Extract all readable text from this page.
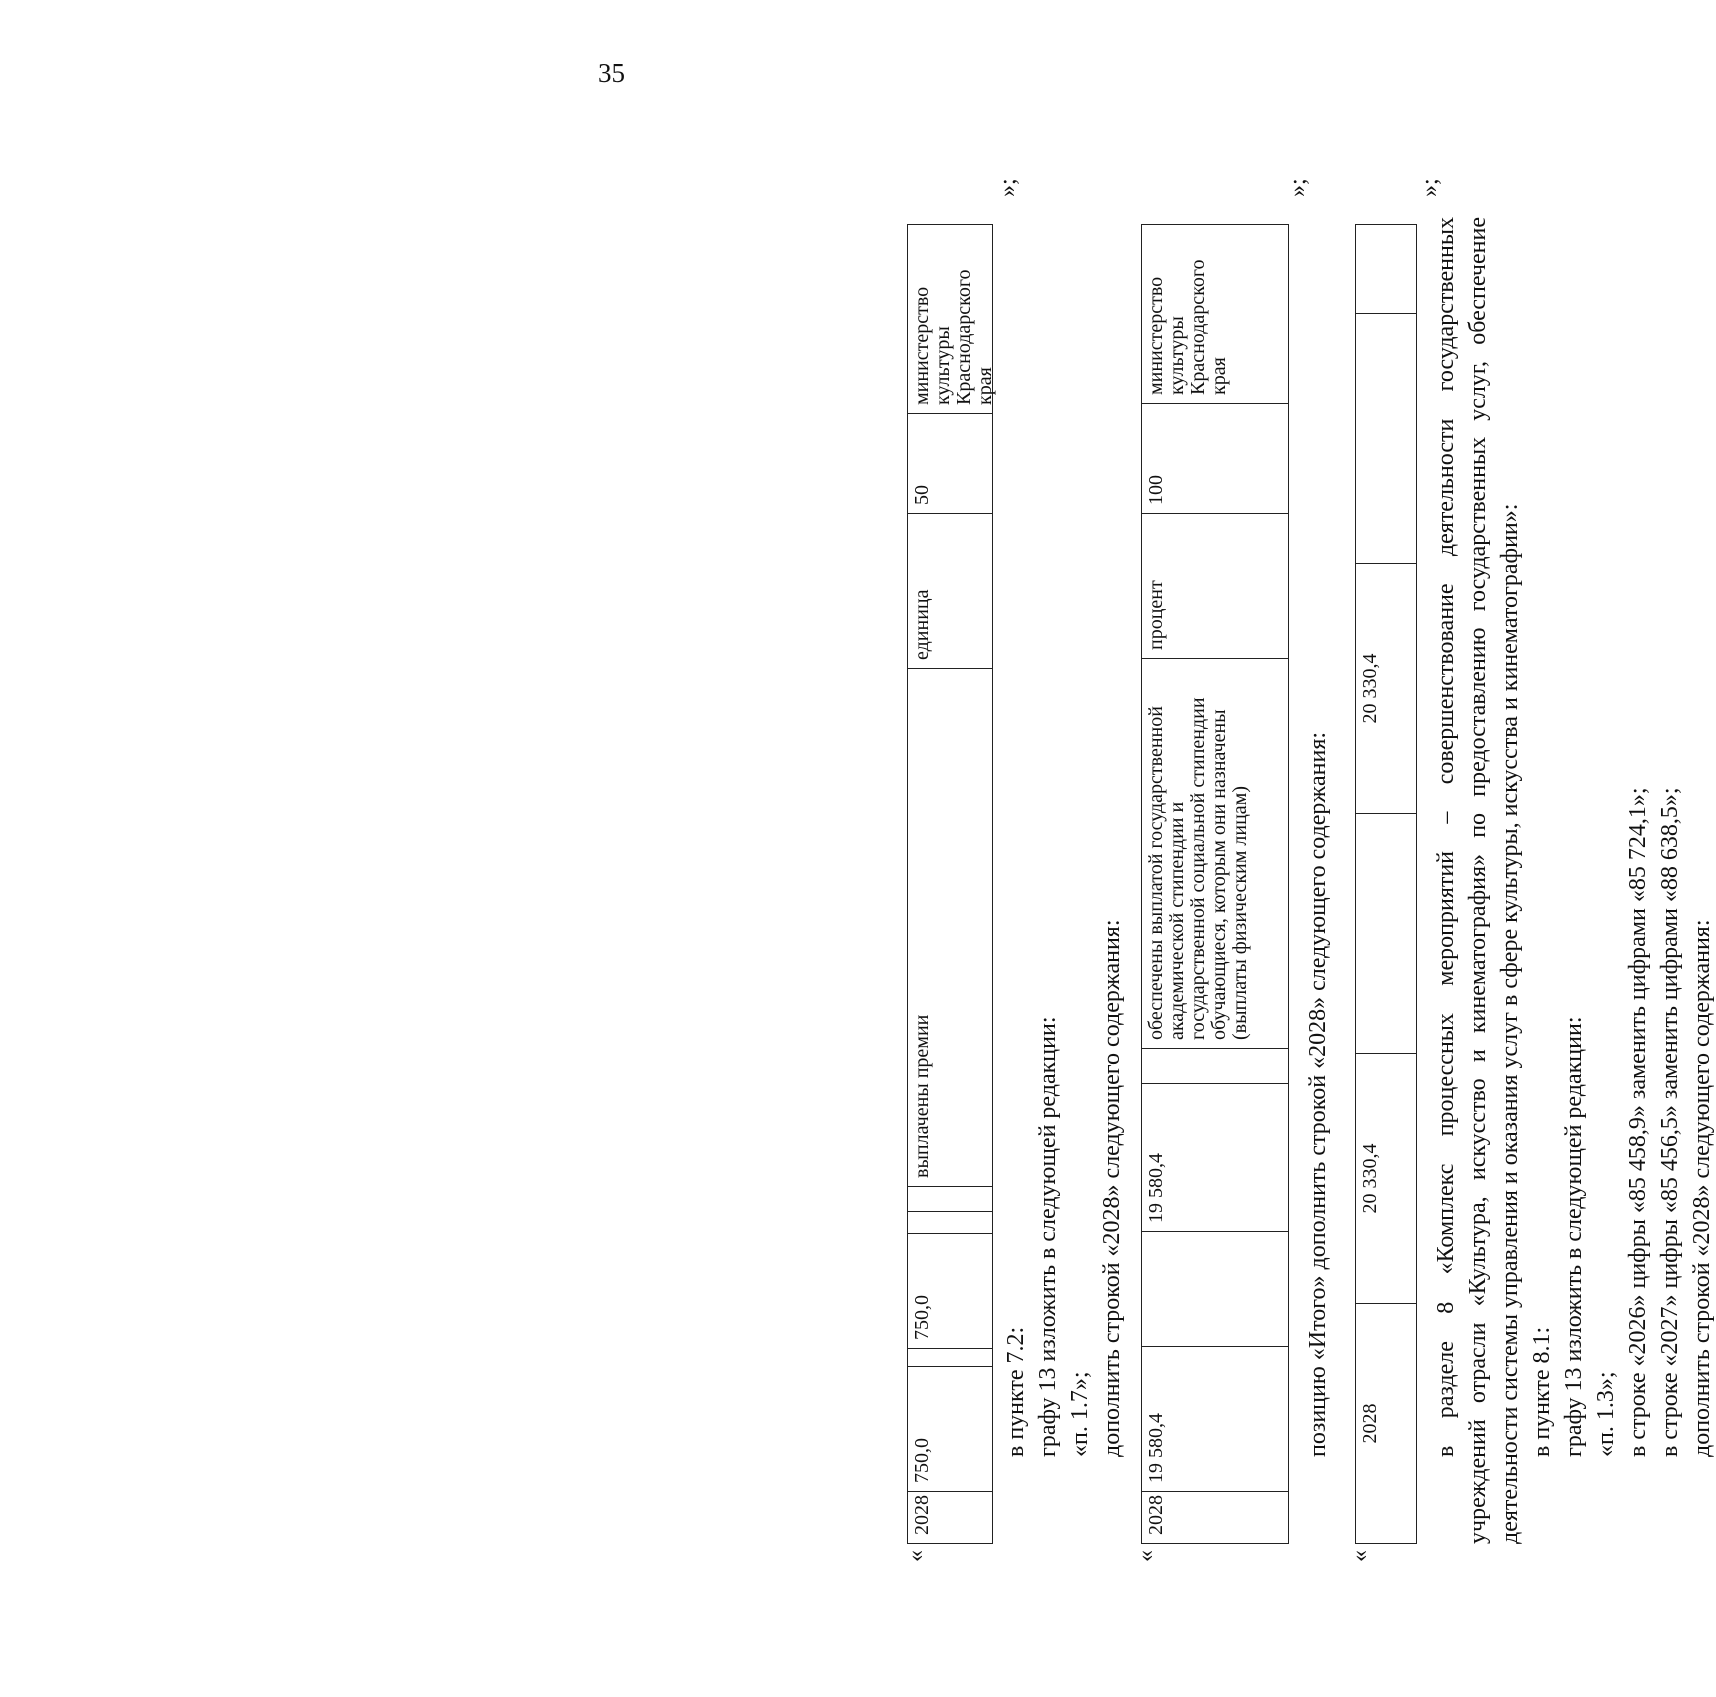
35
«
2028
750,0
750,0
выплачены премии
единица
50
министерство культуры Краснодарского края
»;
в пункте 7.2: графу 13 изложить в следующей редакции: «п. 1.7»; дополнить строкой «2028» следующего содержания:
«
2028
19 580,4
19 580,4
обеспечены выплатой государственной академической стипендии и государственной социальной стипендии обучающиеся, которым они назначены (выплаты физическим лицам)
процент
100
министерство культуры Краснодарского края
»;
позицию «Итого» дополнить строкой «2028» следующего содержания:
«
2028
20 330,4
20 330,4
»;
в разделе 8 «Комплекс процессных мероприятий – совершенствование деятельности государственных учреждений отрасли «Культура, искусство и кинематография» по предоставлению государственных услуг, обеспечение деятельности системы управления и оказания услуг в сфере культуры, искусства и кинематографии»: в пункте 8.1: графу 13 изложить в следующей редакции: «п. 1.3»; в строке «2026» цифры «85 458,9» заменить цифрами «85 724,1»; в строке «2027» цифры «85 456,5» заменить цифрами «88 638,5»; дополнить строкой «2028» следующего содержания:
